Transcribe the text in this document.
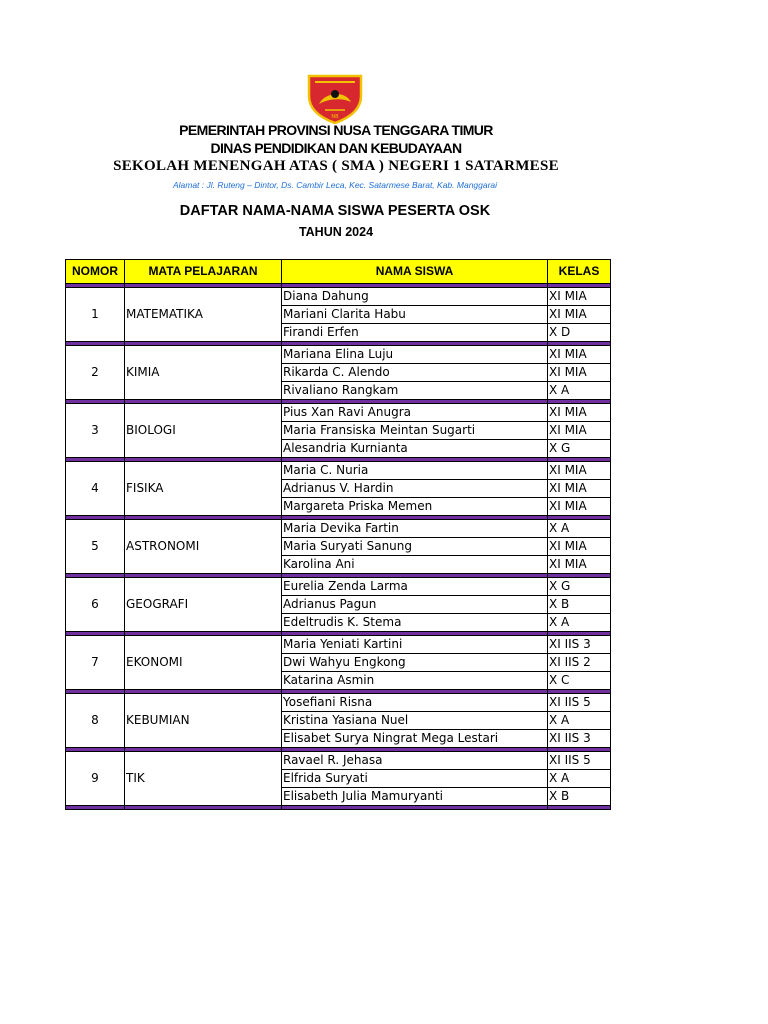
NB
PEMERINTAH PROVINSI NUSA TENGGARA TIMUR
DINAS PENDIDIKAN DAN KEBUDAYAAN
SEKOLAH MENENGAH ATAS ( SMA ) NEGERI 1 SATARMESE
Alamat : Jl. Ruteng – Dintor, Ds. Cambir Leca, Kec. Satarmese Barat, Kab. Manggarai
DAFTAR NAMA-NAMA SISWA PESERTA OSK
TAHUN 2024
NOMOR	MATA PELAJARAN	NAMA SISWA	KELAS

1	MATEMATIKA	Diana Dahung	XI MIA
		Mariani Clarita Habu	XI MIA
		Firandi Erfen	X D

2	KIMIA	Mariana Elina Luju	XI MIA
		Rikarda C. Alendo	XI MIA
		Rivaliano Rangkam	X A

3	BIOLOGI	Pius Xan Ravi Anugra	XI MIA
		Maria Fransiska Meintan Sugarti	XI MIA
		Alesandria Kurnianta	X G

4	FISIKA	Maria C. Nuria	XI MIA
		Adrianus V. Hardin	XI MIA
		Margareta Priska Memen	XI MIA

5	ASTRONOMI	Maria Devika Fartin	X A
		Maria Suryati Sanung	XI MIA
		Karolina Ani	XI MIA

6	GEOGRAFI	Eurelia Zenda Larma	X G
		Adrianus Pagun	X B
		Edeltrudis K. Stema	X A

7	EKONOMI	Maria Yeniati Kartini	XI IIS 3
		Dwi Wahyu Engkong	XI IIS 2
		Katarina Asmin	X C

8	KEBUMIAN	Yosefiani Risna	XI IIS 5
		Kristina Yasiana Nuel	X A
		Elisabet Surya Ningrat Mega Lestari	XI IIS 3

9	TIK	Ravael R. Jehasa	XI IIS 5
		Elfrida Suryati	X A
		Elisabeth Julia Mamuryanti	X B
